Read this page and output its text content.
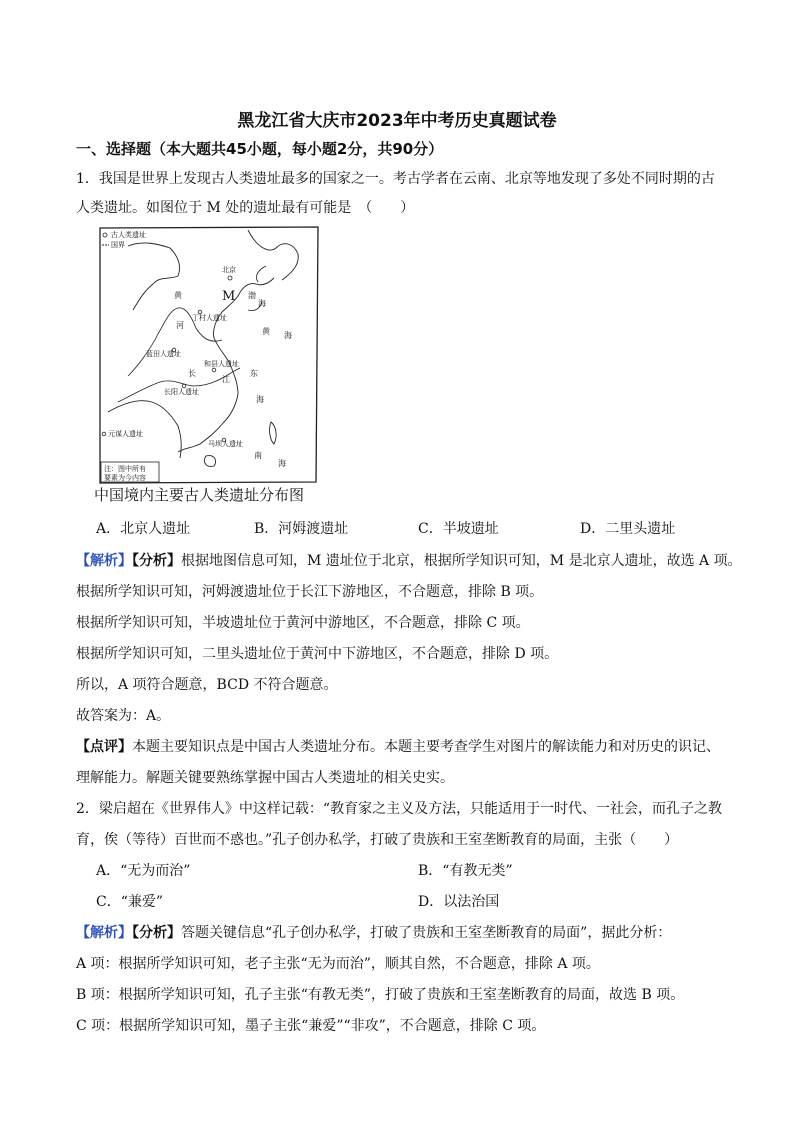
黑龙江省大庆市2023年中考历史真题试卷
一、选择题（本大题共45小题，每小题2分，共90分）
1．我国是世界上发现古人类遗址最多的国家之一。考古学者在云南、北京等地发现了多处不同时期的古
人类遗址。如图位于 M 处的遗址最有可能是　（　　）
古人类遗址
国界
北京
M
丁村人遗址
蓝田人遗址
和县人遗址
长阳人遗址
元谋人遗址
马坝人遗址
黄
河
长
江
渤
海
黄 海
东
海
南
海
注：图中所有
要素为今内容
中国境内主要古人类遗址分布图
A．北京人遗址	B．河姆渡遗址	C．半坡遗址	D．二里头遗址
【解析】【分析】根据地图信息可知，M 遗址位于北京，根据所学知识可知，M 是北京人遗址，故选 A 项。
根据所学知识可知，河姆渡遗址位于长江下游地区，不合题意，排除 B 项。
根据所学知识可知，半坡遗址位于黄河中游地区，不合题意，排除 C 项。
根据所学知识可知，二里头遗址位于黄河中下游地区，不合题意，排除 D 项。
所以，A 项符合题意，BCD 不符合题意。
故答案为：A。
【点评】本题主要知识点是中国古人类遗址分布。本题主要考查学生对图片的解读能力和对历史的识记、
理解能力。解题关键要熟练掌握中国古人类遗址的相关史实。
2．梁启超在《世界伟人》中这样记载：“教育家之主义及方法，只能适用于一时代、一社会，而孔子之教
育，俟（等待）百世而不惑也。”孔子创办私学，打破了贵族和王室垄断教育的局面，主张（　　）
A．“无为而治”	B．“有教无类”
C．“兼爱”	D．以法治国
【解析】【分析】答题关键信息“孔子创办私学，打破了贵族和王室垄断教育的局面”，据此分析：
A 项：根据所学知识可知，老子主张“无为而治”，顺其自然，不合题意，排除 A 项。
B 项：根据所学知识可知，孔子主张“有教无类”，打破了贵族和王室垄断教育的局面，故选 B 项。
C 项：根据所学知识可知，墨子主张“兼爱”“非攻”，不合题意，排除 C 项。
